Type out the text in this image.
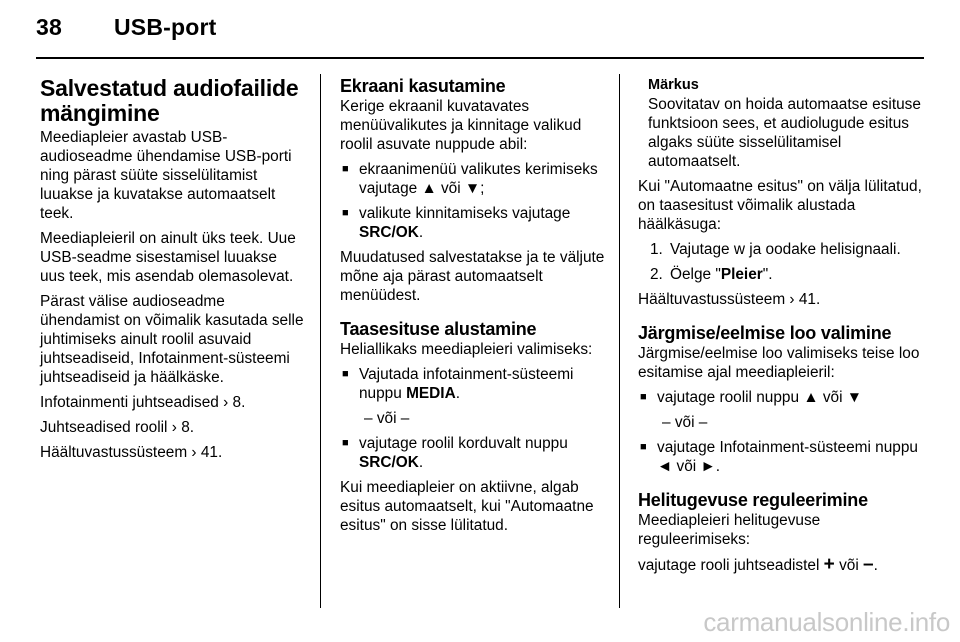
38 USB-port
Salvestatud audiofailide mängimine

Meediapleier avastab USB-audioseadme ühendamise USB-porti ning pärast süüte sisselülitamist luuakse ja kuvatakse automaatselt teek.

Meediapleieril on ainult üks teek. Uue USB-seadme sisestamisel luuakse uus teek, mis asendab olemasolevat.

Pärast välise audioseadme ühendamist on võimalik kasutada selle juhtimiseks ainult roolil asuvaid juhtseadiseid, Infotainment-süsteemi juhtseadiseid ja häälkäske.

Infotainmenti juhtseadised › 8.

Juhtseadised roolil › 8.

Häältuvastussüsteem › 41.

Ekraani kasutamine

Kerige ekraanil kuvatavates menüüvalikutes ja kinnitage valikud roolil asuvate nuppude abil:

■ ekraanimenüü valikutes kerimiseks vajutage ▲ või ▼;
■ valikute kinnitamiseks vajutage SRC/OK.

Muudatused salvestatakse ja te väljute mõne aja pärast automaatselt menüüdest.

Taasesituse alustamine

Heliallikaks meediapleieri valimiseks:

■ Vajutada infotainment-süsteemi nuppu MEDIA.
– või –
■ vajutage roolil korduvalt nuppu SRC/OK.

Kui meediapleier on aktiivne, algab esitus automaatselt, kui "Automaatne esitus" on sisse lülitatud.

Märkus
Soovitatav on hoida automaatse esituse funktsioon sees, et audiolugude esitus algaks süüte sisselülitamisel automaatselt.

Kui "Automaatne esitus" on välja lülitatud, on taasesitust võimalik alustada häälkäsuga:

1. Vajutage w ja oodake helisignaali.
2. Öelge "Pleier".

Häältuvastussüsteem › 41.

Järgmise/eelmise loo valimine

Järgmise/eelmise loo valimiseks teise loo esitamise ajal meediapleieril:

■ vajutage roolil nuppu ▲ või ▼
– või –
■ vajutage Infotainment-süsteemi nuppu ◄ või ►.
Helitugevuse reguleerimine

Meediapleieri helitugevuse reguleerimiseks:

vajutage rooli juhtseadistel + või –.

carmanualsonline.info
